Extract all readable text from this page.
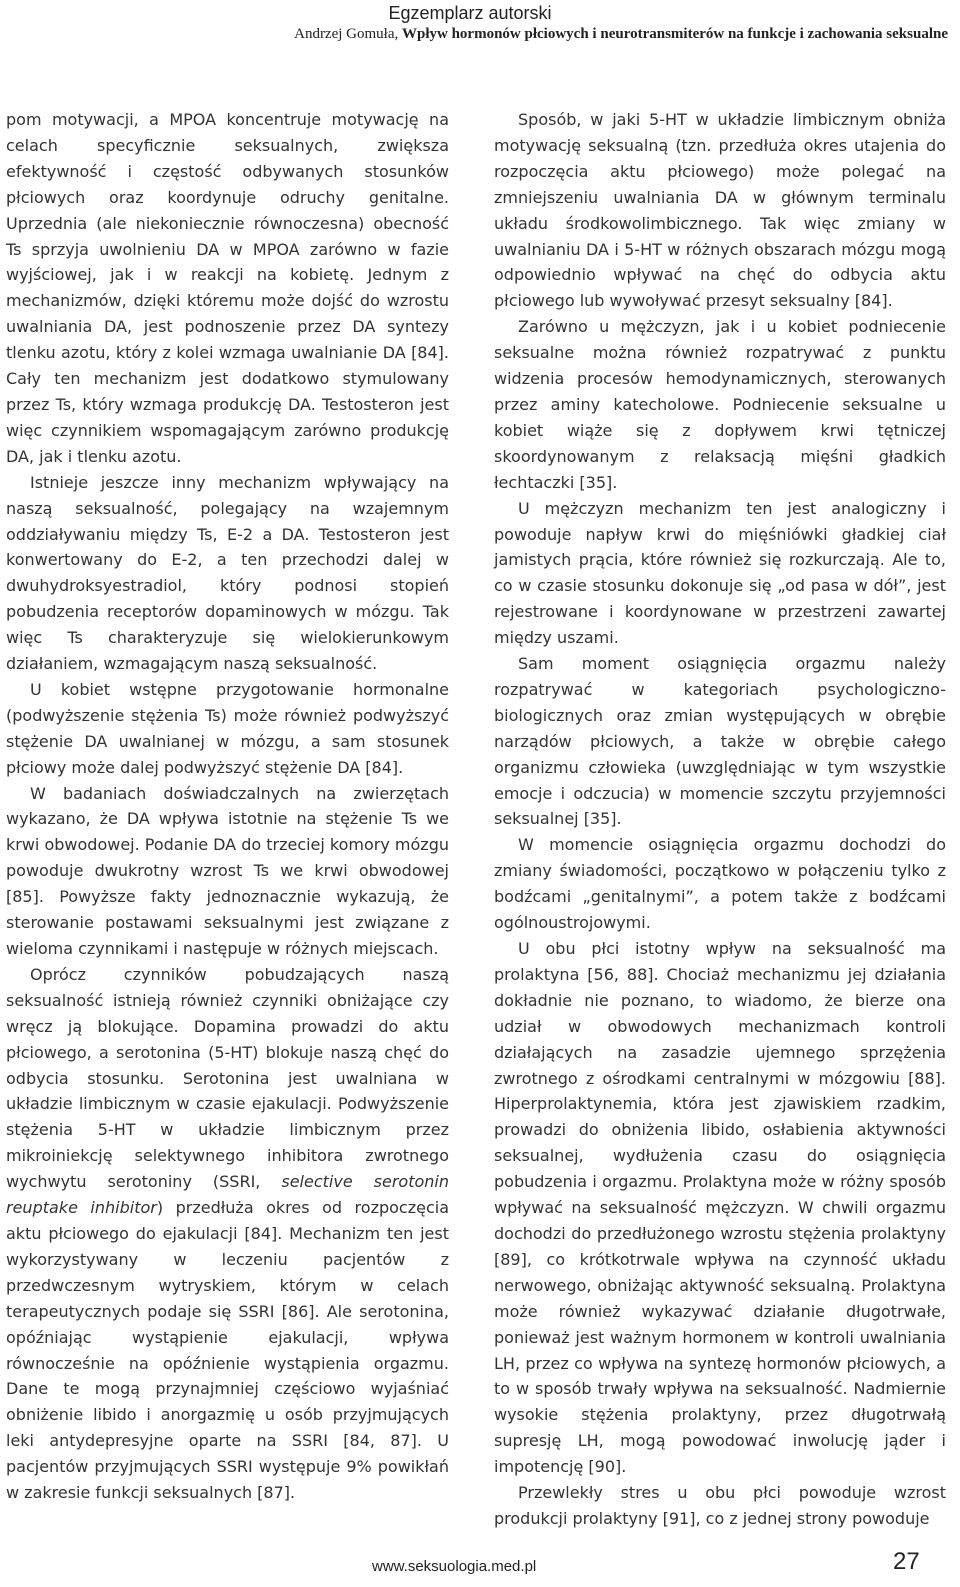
Egzemplarz autorski
Andrzej Gomuła, Wpływ hormonów płciowych i neurotransmiterów na funkcje i zachowania seksualne

pom motywacji, a MPOA koncentruje motywację na celach specyficznie seksualnych, zwiększa efektywność i częstość odbywanych stosunków płciowych oraz koordynuje odruchy genitalne. Uprzednia (ale niekoniecznie równoczesna) obecność Ts sprzyja uwolnieniu DA w MPOA zarówno w fazie wyjściowej, jak i w reakcji na kobietę. Jednym z mechanizmów, dzięki któremu może dojść do wzrostu uwalniania DA, jest podnoszenie przez DA syntezy tlenku azotu, który z kolei wzmaga uwalnianie DA [84]. Cały ten mechanizm jest dodatkowo stymulowany przez Ts, który wzmaga produkcję DA. Testosteron jest więc czynnikiem wspomagającym zarówno produkcję DA, jak i tlenku azotu.

Istnieje jeszcze inny mechanizm wpływający na naszą seksualność, polegający na wzajemnym oddziaływaniu między Ts, E-2 a DA. Testosteron jest konwertowany do E-2, a ten przechodzi dalej w dwuhydroksyestradiol, który podnosi stopień pobudzenia receptorów dopaminowych w mózgu. Tak więc Ts charakteryzuje się wielokierunkowym działaniem, wzmagającym naszą seksualność.

U kobiet wstępne przygotowanie hormonalne (podwyższenie stężenia Ts) może również podwyższyć stężenie DA uwalnianej w mózgu, a sam stosunek płciowy może dalej podwyższyć stężenie DA [84].

W badaniach doświadczalnych na zwierzętach wykazano, że DA wpływa istotnie na stężenie Ts we krwi obwodowej. Podanie DA do trzeciej komory mózgu powoduje dwukrotny wzrost Ts we krwi obwodowej [85]. Powyższe fakty jednoznacznie wykazują, że sterowanie postawami seksualnymi jest związane z wieloma czynnikami i następuje w różnych miejscach.

Oprócz czynników pobudzających naszą seksualność istnieją również czynniki obniżające czy wręcz ją blokujące. Dopamina prowadzi do aktu płciowego, a serotonina (5-HT) blokuje naszą chęć do odbycia stosunku. Serotonina jest uwalniana w układzie limbicznym w czasie ejakulacji. Podwyższenie stężenia 5-HT w układzie limbicznym przez mikroiniekcję selektywnego inhibitora zwrotnego wychwytu serotoniny (SSRI, selective serotonin reuptake inhibitor) przedłuża okres od rozpoczęcia aktu płciowego do ejakulacji [84]. Mechanizm ten jest wykorzystywany w leczeniu pacjentów z przedwczesnym wytryskiem, którym w celach terapeutycznych podaje się SSRI [86]. Ale serotonina, opóźniając wystąpienie ejakulacji, wpływa równocześnie na opóźnienie wystąpienia orgazmu. Dane te mogą przynajmniej częściowo wyjaśniać obniżenie libido i anorgazmię u osób przyjmujących leki antydepresyjne oparte na SSRI [84, 87]. U pacjentów przyjmujących SSRI występuje 9% powikłań w zakresie funkcji seksualnych [87].

Sposób, w jaki 5-HT w układzie limbicznym obniża motywację seksualną (tzn. przedłuża okres utajenia do rozpoczęcia aktu płciowego) może polegać na zmniejszeniu uwalniania DA w głównym terminalu układu środkowolimbicznego. Tak więc zmiany w uwalnianiu DA i 5-HT w różnych obszarach mózgu mogą odpowiednio wpływać na chęć do odbycia aktu płciowego lub wywoływać przesyt seksualny [84].

Zarówno u mężczyzn, jak i u kobiet podniecenie seksualne można również rozpatrywać z punktu widzenia procesów hemodynamicznych, sterowanych przez aminy katecholowe. Podniecenie seksualne u kobiet wiąże się z dopływem krwi tętniczej skoordynowanym z relaksacją mięśni gładkich łechtaczki [35].

U mężczyzn mechanizm ten jest analogiczny i powoduje napływ krwi do mięśniówki gładkiej ciał jamistych prącia, które również się rozkurczają. Ale to, co w czasie stosunku dokonuje się „od pasa w dół”, jest rejestrowane i koordynowane w przestrzeni zawartej między uszami.

Sam moment osiągnięcia orgazmu należy rozpatrywać w kategoriach psychologiczno-biologicznych oraz zmian występujących w obrębie narządów płciowych, a także w obrębie całego organizmu człowieka (uwzględniając w tym wszystkie emocje i odczucia) w momencie szczytu przyjemności seksualnej [35].

W momencie osiągnięcia orgazmu dochodzi do zmiany świadomości, początkowo w połączeniu tylko z bodźcami „genitalnymi”, a potem także z bodźcami ogólnoustrojowymi.

U obu płci istotny wpływ na seksualność ma prolaktyna [56, 88]. Chociaż mechanizmu jej działania dokładnie nie poznano, to wiadomo, że bierze ona udział w obwodowych mechanizmach kontroli działających na zasadzie ujemnego sprzężenia zwrotnego z ośrodkami centralnymi w mózgowiu [88]. Hiperprolaktynemia, która jest zjawiskiem rzadkim, prowadzi do obniżenia libido, osłabienia aktywności seksualnej, wydłużenia czasu do osiągnięcia pobudzenia i orgazmu. Prolaktyna może w różny sposób wpływać na seksualność mężczyzn. W chwili orgazmu dochodzi do przedłużonego wzrostu stężenia prolaktyny [89], co krótkotrwale wpływa na czynność układu nerwowego, obniżając aktywność seksualną. Prolaktyna może również wykazywać działanie długotrwałe, ponieważ jest ważnym hormonem w kontroli uwalniania LH, przez co wpływa na syntezę hormonów płciowych, a to w sposób trwały wpływa na seksualność. Nadmiernie wysokie stężenia prolaktyny, przez długotrwałą supresję LH, mogą powodować inwolucję jąder i impotencję [90].

Przewlekły stres u obu płci powoduje wzrost produkcji prolaktyny [91], co z jednej strony powoduje

www.seksuologia.med.pl	27
